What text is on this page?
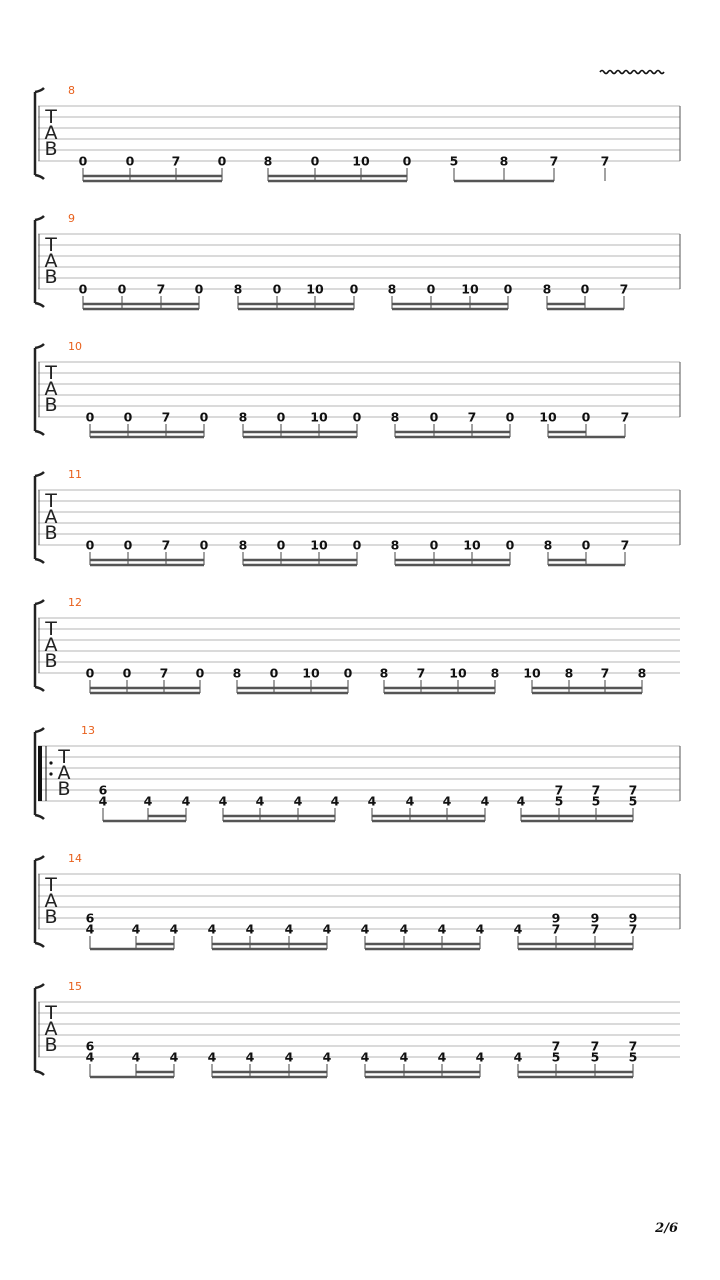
8
T
A
B
0	0	7	0	8	0	10	0	5	8	7	7
9
T
A
B
0 0 7 0 8 0 10 0 8 0 10 0 8 0 7
10
T
A
B
0 0 7 0 8 0 10 0 8 0 7 0 10 0 7
11
T
A
B
0 0 7 0 8 0 10 0 8 0 10 0 8 0 7
12
T
A
B
0 0 7 0 8 0 10 0 8 7 10 8 10 8 7 8
13
T
A
B 6
4	4 4 4 4 4 4 4 4 4 4 4
7
5
7
5
7
5
14
T
A
B 6
4	4 4 4 4 4 4 4 4 4 4 4
9
7
9
7
9
7
15
T
A
B 6
4	4 4 4 4 4 4 4 4 4 4 4
7
5
7
5
7
5
2/6
